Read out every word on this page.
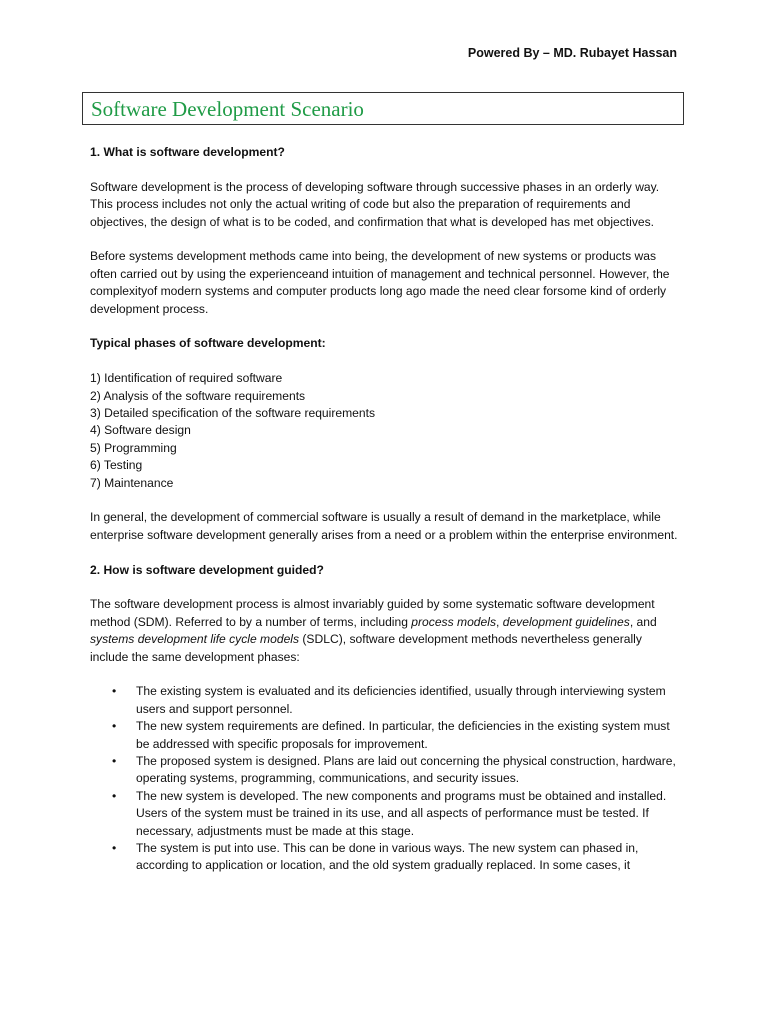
Powered By – MD. Rubayet Hassan
Software Development Scenario

1. What is software development?

Software development is the process of developing software through successive phases in an orderly way. This process includes not only the actual writing of code but also the preparation of requirements and objectives, the design of what is to be coded, and confirmation that what is developed has met objectives.

Before systems development methods came into being, the development of new systems or products was often carried out by using the experienceand intuition of management and technical personnel. However, the complexityof modern systems and computer products long ago made the need clear forsome kind of orderly development process.

Typical phases of software development:

1) Identification of required software
2) Analysis of the software requirements
3) Detailed specification of the software requirements
4) Software design
5) Programming
6) Testing
7) Maintenance

In general, the development of commercial software is usually a result of demand in the marketplace, while enterprise software development generally arises from a need or a problem within the enterprise environment.

2. How is software development guided?

The software development process is almost invariably guided by some systematic software development method (SDM). Referred to by a number of terms, including process models, development guidelines, and systems development life cycle models (SDLC), software development methods nevertheless generally include the same development phases:

• The existing system is evaluated and its deficiencies identified, usually through interviewing system users and support personnel.
• The new system requirements are defined. In particular, the deficiencies in the existing system must be addressed with specific proposals for improvement.
• The proposed system is designed. Plans are laid out concerning the physical construction, hardware, operating systems, programming, communications, and security issues.
• The new system is developed. The new components and programs must be obtained and installed. Users of the system must be trained in its use, and all aspects of performance must be tested. If necessary, adjustments must be made at this stage.
• The system is put into use. This can be done in various ways. The new system can phased in, according to application or location, and the old system gradually replaced. In some cases, it
